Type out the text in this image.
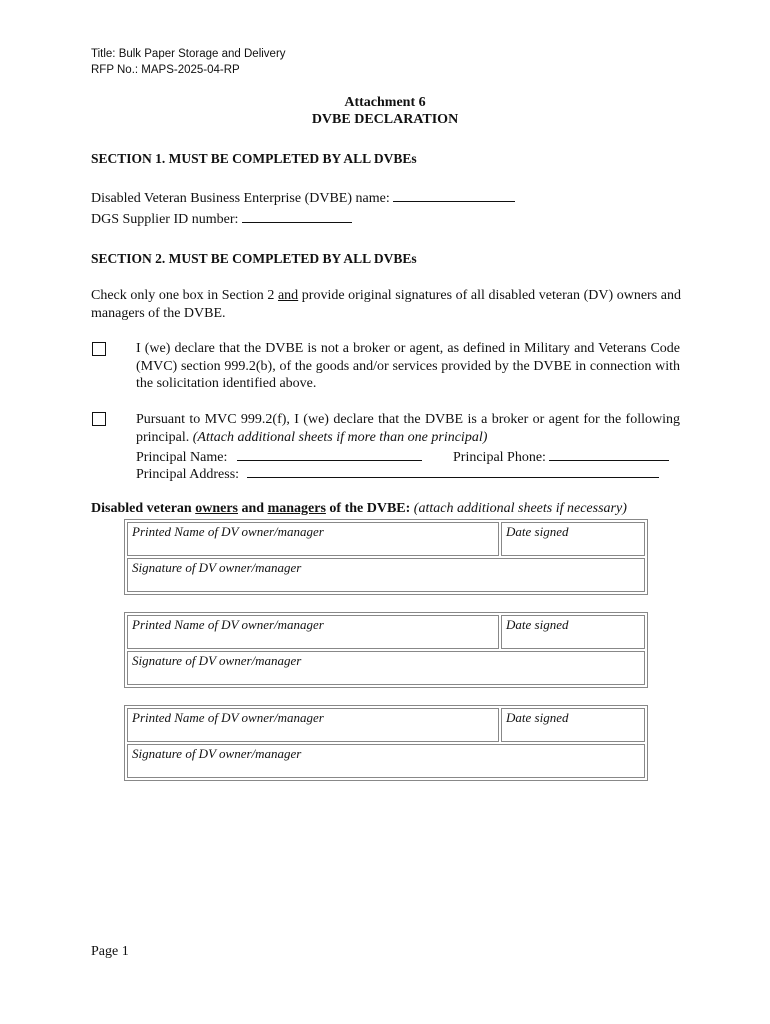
Title: Bulk Paper Storage and Delivery
RFP No.: MAPS-2025-04-RP
Attachment 6
DVBE DECLARATION
SECTION 1. MUST BE COMPLETED BY ALL DVBEs
Disabled Veteran Business Enterprise (DVBE) name:
DGS Supplier ID number:
SECTION 2. MUST BE COMPLETED BY ALL DVBEs
Check only one box in Section 2 and provide original signatures of all disabled veteran (DV) owners and managers of the DVBE.
I (we) declare that the DVBE is not a broker or agent, as defined in Military and Veterans Code (MVC) section 999.2(b), of the goods and/or services provided by the DVBE in connection with the solicitation identified above.
Pursuant to MVC 999.2(f), I (we) declare that the DVBE is a broker or agent for the following principal. (Attach additional sheets if more than one principal)
Principal Name:	Principal Phone:
Principal Address:
Disabled veteran owners and managers of the DVBE: (attach additional sheets if necessary)
Printed Name of DV owner/manager	Date signed
Signature of DV owner/manager
Printed Name of DV owner/manager	Date signed
Signature of DV owner/manager
Printed Name of DV owner/manager	Date signed
Signature of DV owner/manager
Page 1
